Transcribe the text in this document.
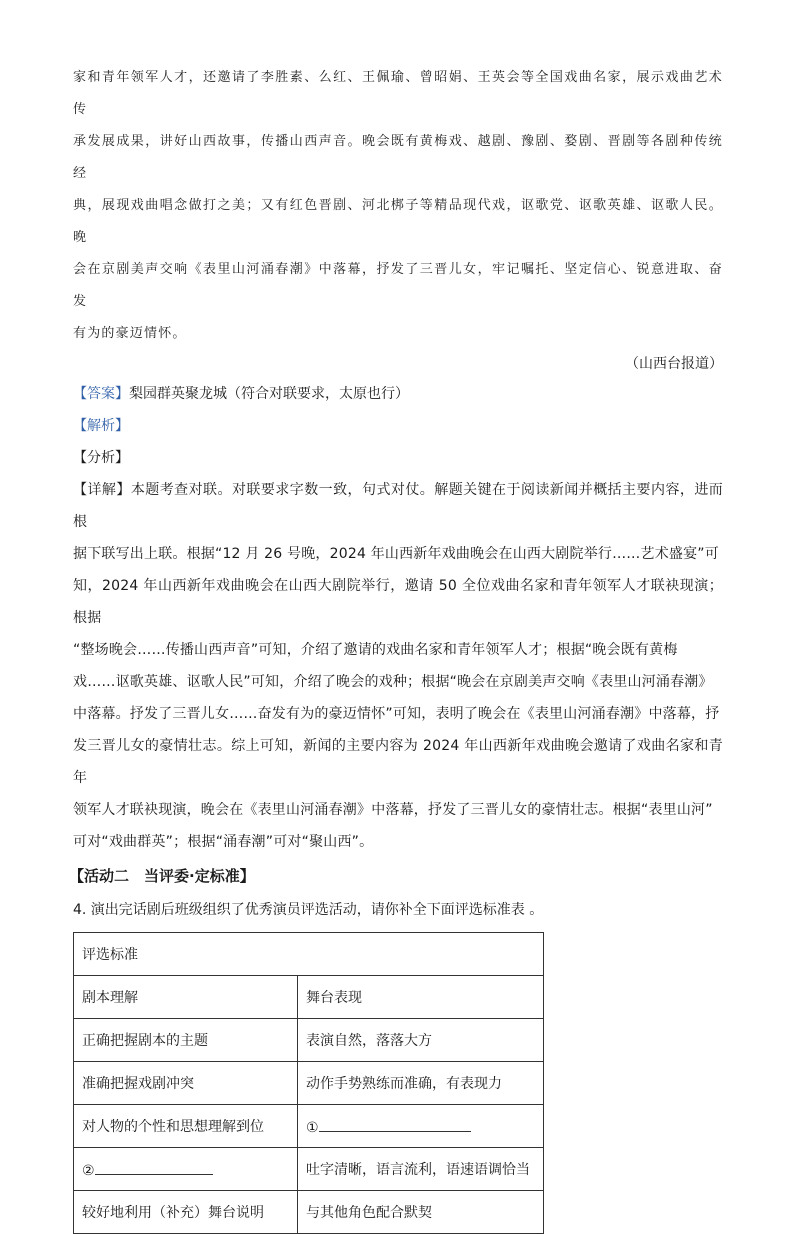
家和青年领军人才，还邀请了李胜素、么红、王佩瑜、曾昭娟、王英会等全国戏曲名家，展示戏曲艺术传

承发展成果，讲好山西故事，传播山西声音。晚会既有黄梅戏、越剧、豫剧、婺剧、晋剧等各剧种传统经

典，展现戏曲唱念做打之美；又有红色晋剧、河北梆子等精品现代戏，讴歌党、讴歌英雄、讴歌人民。晚

会在京剧美声交响《表里山河涌春潮》中落幕，抒发了三晋儿女，牢记嘱托、坚定信心、锐意进取、奋发

有为的豪迈情怀。

（山西台报道）

【答案】梨园群英聚龙城（符合对联要求，太原也行）

【解析】

【分析】

【详解】本题考查对联。对联要求字数一致，句式对仗。解题关键在于阅读新闻并概括主要内容，进而根

据下联写出上联。根据“12 月 26 号晚，2024 年山西新年戏曲晚会在山西大剧院举行……艺术盛宴”可

知，2024 年山西新年戏曲晚会在山西大剧院举行，邀请 50 全位戏曲名家和青年领军人才联袂现演；根据

“整场晚会……传播山西声音”可知，介绍了邀请的戏曲名家和青年领军人才；根据“晚会既有黄梅

戏……讴歌英雄、讴歌人民”可知，介绍了晚会的戏种；根据“晚会在京剧美声交响《表里山河涌春潮》

中落幕。抒发了三晋儿女……奋发有为的豪迈情怀”可知，表明了晚会在《表里山河涌春潮》中落幕，抒

发三晋儿女的豪情壮志。综上可知，新闻的主要内容为 2024 年山西新年戏曲晚会邀请了戏曲名家和青年

领军人才联袂现演，晚会在《表里山河涌春潮》中落幕，抒发了三晋儿女的豪情壮志。根据“表里山河”

可对“戏曲群英”；根据“涌春潮”可对“聚山西”。

【活动二　当评委·定标准】

4. 演出完话剧后班级组织了优秀演员评选活动，请你补全下面评选标准表 。

评选标准	
剧本理解	舞台表现
正确把握剧本的主题	表演自然，落落大方
准确把握戏剧冲突	动作手势熟练而准确，有表现力
对人物的个性和思想理解到位	①
②	吐字清晰，语言流利，语速语调恰当
较好地利用（补充）舞台说明	与其他角色配合默契
